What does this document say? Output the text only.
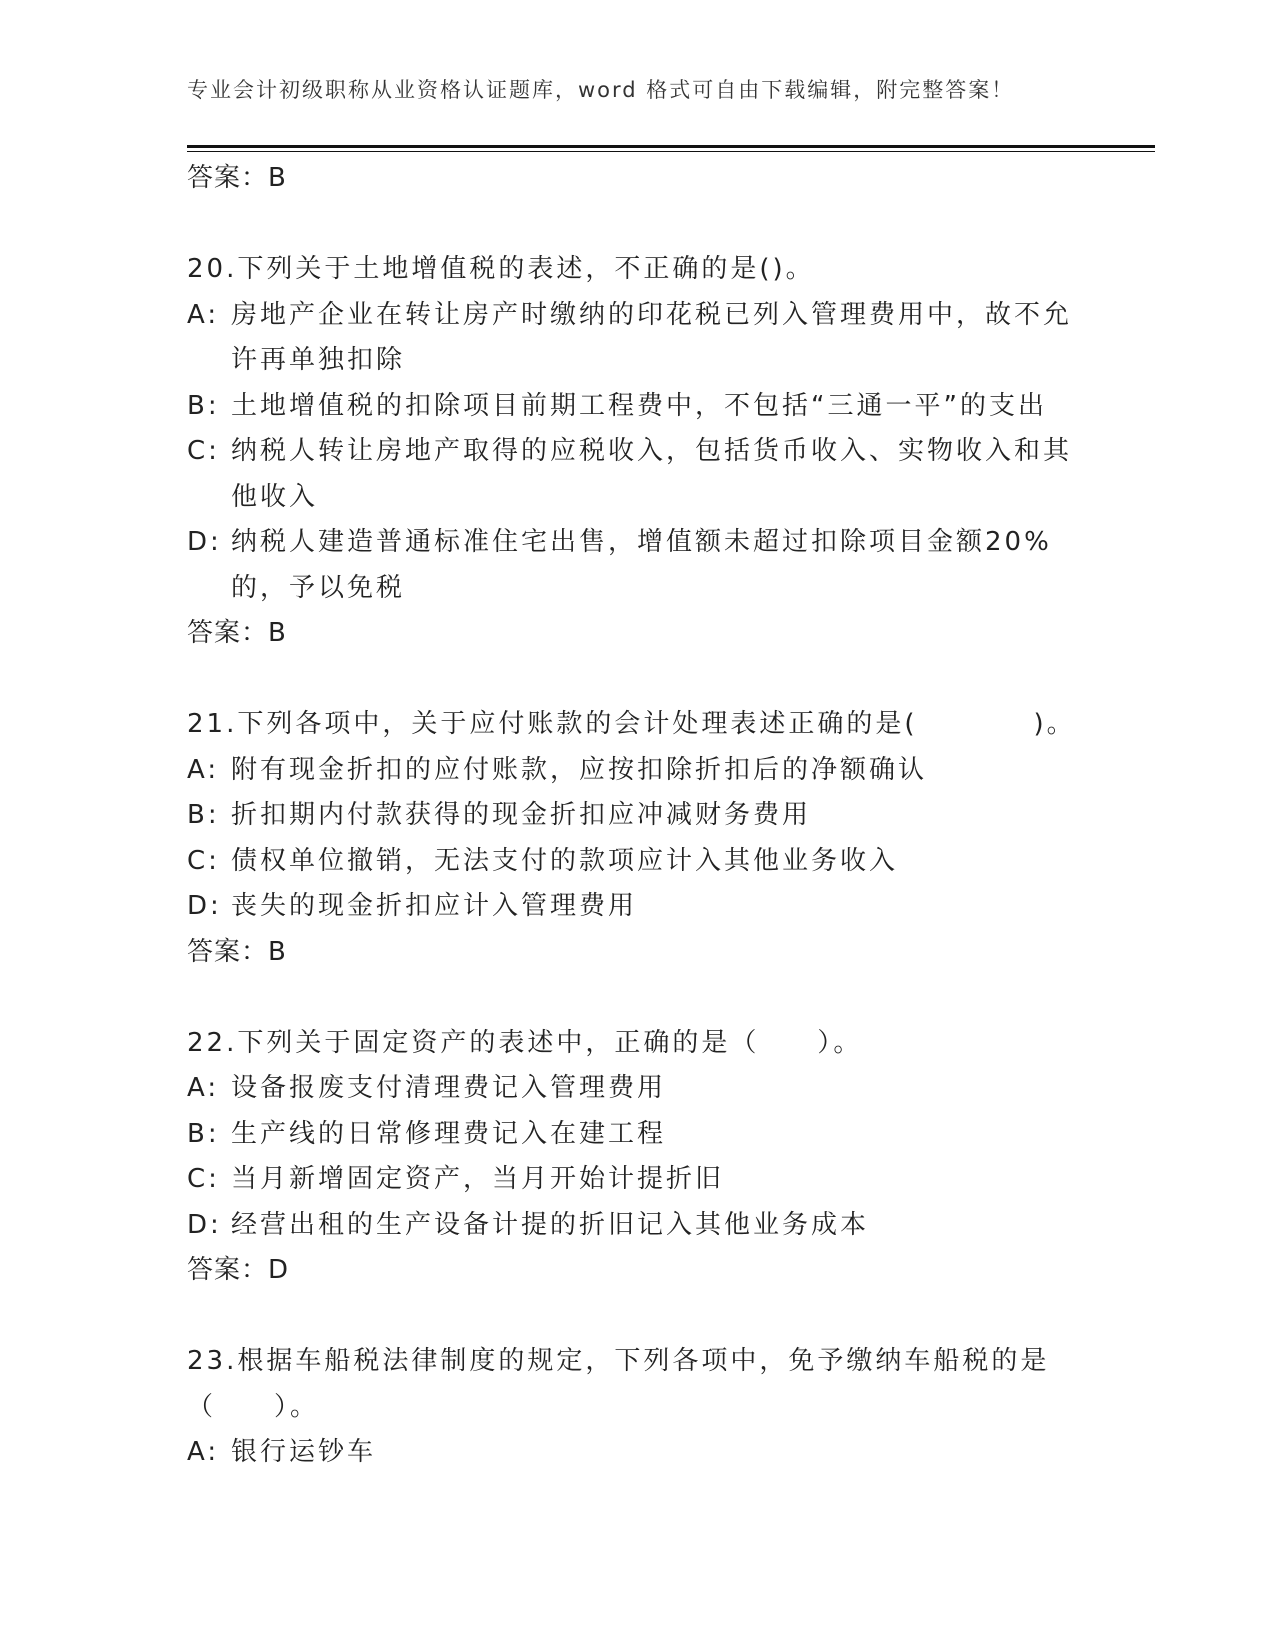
专业会计初级职称从业资格认证题库，word 格式可自由下载编辑，附完整答案！
答案：B
20.下列关于土地增值税的表述，不正确的是()。
A: 房地产企业在转让房产时缴纳的印花税已列入管理费用中，故不允许再单独扣除
B: 土地增值税的扣除项目前期工程费中，不包括“三通一平”的支出
C: 纳税人转让房地产取得的应税收入，包括货币收入、实物收入和其他收入
D: 纳税人建造普通标准住宅出售，增值额未超过扣除项目金额20%的，予以免税
答案：B
21.下列各项中，关于应付账款的会计处理表述正确的是(　　　　)。
A: 附有现金折扣的应付账款，应按扣除折扣后的净额确认
B: 折扣期内付款获得的现金折扣应冲减财务费用
C: 债权单位撤销，无法支付的款项应计入其他业务收入
D: 丧失的现金折扣应计入管理费用
答案：B
22.下列关于固定资产的表述中，正确的是（　　）。
A: 设备报废支付清理费记入管理费用
B: 生产线的日常修理费记入在建工程
C: 当月新增固定资产，当月开始计提折旧
D: 经营出租的生产设备计提的折旧记入其他业务成本
答案：D
23.根据车船税法律制度的规定，下列各项中，免予缴纳车船税的是（　　）。
A: 银行运钞车
